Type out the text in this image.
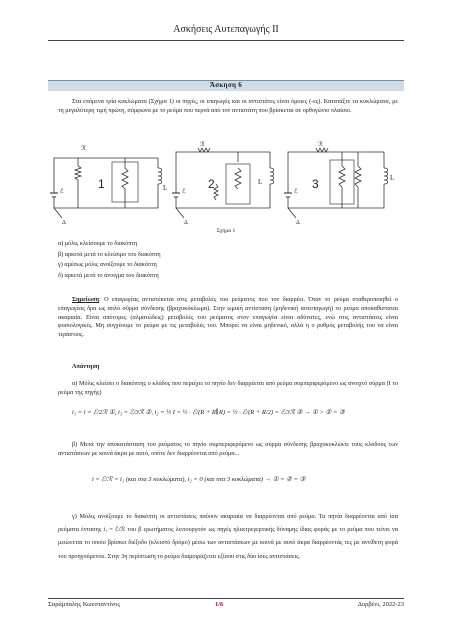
Ασκήσεις Αυτεπαγωγής ΙΙ
Άσκηση 6
Στα επόμενα τρία κυκλώματα (Σχήμα 1) οι πηγές, οι επαγωγές και οι αντιστάτες είναι όμοιες (-ες). Κατατάξτε τα κυκλώματα, με τη μεγαλύτερη τιμή πρώτη, σύμφωνα με το ρεύμα που περνά από τον αντιστάτη που βρίσκεται σε ορθογώνιο πλαίσιο.
ℰ
1	L
ℛ
Δ
ℰ
2	L
ℛ
Δ
ℰ
3	L
ℛ
Δ
Σχήμα 1
α) μόλις κλείσουμε το διακόπτη
β) αρκετά μετά το κλείσιμο του διακόπτη
γ) αμέσως μόλις ανοίξουμε το διακόπτη
δ) αρκετά μετά το άνοιγμα του διακόπτη
Σημείωση: Ο επαγωγέας αντιστέκεται στις μεταβολές του ρεύματος που τον διαρρέει. Όταν το ρεύμα σταθεροποιηθεί ο επαγωγέας δρα ως απλό σύρμα σύνδεσης (βραχυκύκλωμα). Στην ωμική αντίσταση (μηδενική αυτεπαγωγή) το ρεύμα αποκαθίσταται ακαριαία. Είναι απότομες (αλματώδεις) μεταβολές του ρεύματος στον επαγωγέα είναι αδύνατες, ενώ στις αντιστάσεις είναι φυσιολογικές. Μη συγχέουμε το ρεύμα με τις μεταβολές του. Μπορεί να είναι μηδενικό, αλλά η ο ρυθμός μεταβολής του να είναι τεράστιος.
Απάντηση
α) Μόλις κλείσει ο διακόπτης ο κλάδος που περιέχει το πηνίο δεν διαρρέεται από ρεύμα συμπεριφερόμενο ως ανοιχτό σύρμα (I το ρεύμα της πηγής)
i₁ = i = ℰ/2ℛ ①, i₃ = ℰ/3ℛ ②, i₂ = ½ I = ½ · ℰ/(R + R∥R) = ½ · ℰ/(R + R/2) = ℰ/3ℛ ③ → ① > ② = ③
β) Μετά την αποκατάσταση του ρεύματος το πηνίο συμπεριφερόμενο ως σύρμα σύνδεσης βραχυκυκλώνει τους κλάδους των αντιστάσεων με κοινά άκρα με αυτό, οπότε δεν διαρρέονται από ρεύμα...
i = ℰ/ℛ = i₁ (και στα 3 κυκλώματα), i₂ = 0 (και στα 3 κυκλώματα) → ① = ② = ③
γ) Μόλις ανοίξουμε το διακόπτη οι αντιστάσεις παύουν ακαριαία να διαρρέονται από ρεύμα. Τα πηνία διαρρέονται από ίσα ρεύματα έντασης i₁ = ℰ/ℛ του β ερωτήματος λειτουργούν ως πηγές ηλεκτρεγερτικής δύναμης ίδιας φοράς με το ρεύμα που τείνει να μειώνεται το οποίο βρίσκει διέξοδο (κλειστό δρόμο) μέσω των αντιστάσεων με κοινά με αυτό άκρα διαρρέοντάς τες με αντίθετη φορά του προηγούμενου. Στην 3η περίπτωση το ρεύμα διαμοιράζεται εξίσου στις δύο ίσες αντιστάσεις.
Σαράμπαλης Κωνσταντίνος	1/6	Δορβένι, 2022-23
